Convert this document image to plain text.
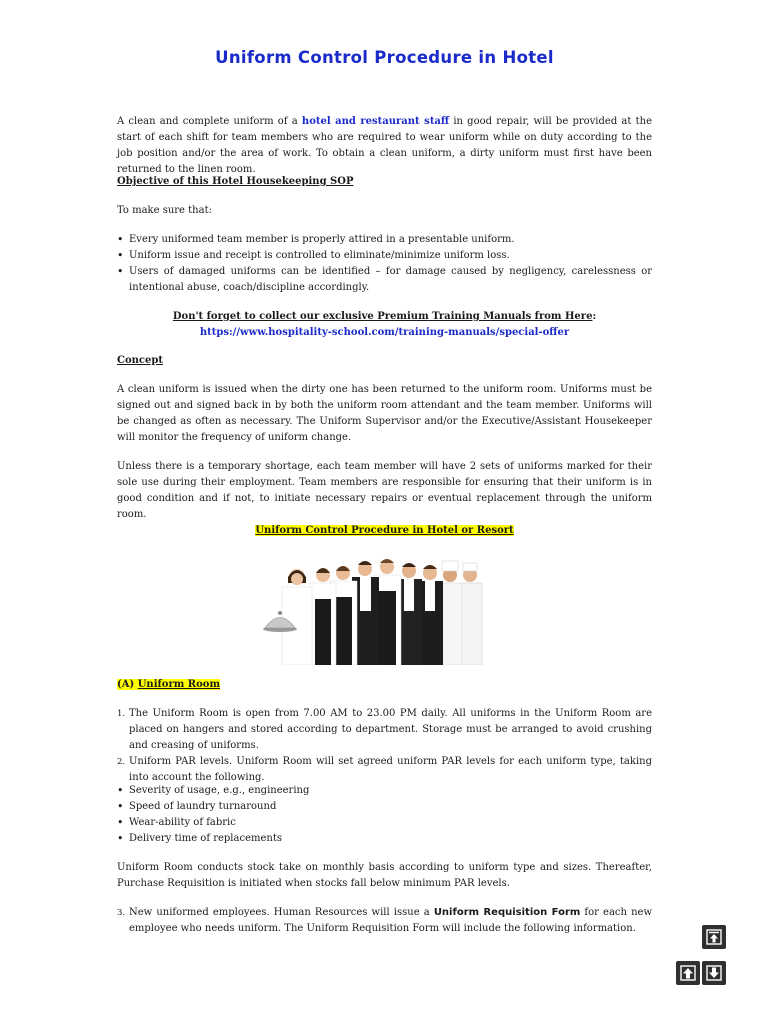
Uniform Control Procedure in Hotel

A clean and complete uniform of a hotel and restaurant staff in good repair, will be provided at the start of each shift for team members who are required to wear uniform while on duty according to the job position and/or the area of work. To obtain a clean uniform, a dirty uniform must first have been returned to the linen room.

Objective of this Hotel Housekeeping SOP

To make sure that:

• Every uniformed team member is properly attired in a presentable uniform.
• Uniform issue and receipt is controlled to eliminate/minimize uniform loss.
• Users of damaged uniforms can be identified – for damage caused by negligency, carelessness or intentional abuse, coach/discipline accordingly.

Don't forget to collect our exclusive Premium Training Manuals from Here: https://www.hospitality-school.com/training-manuals/special-offer

Concept

A clean uniform is issued when the dirty one has been returned to the uniform room. Uniforms must be signed out and signed back in by both the uniform room attendant and the team member. Uniforms will be changed as often as necessary. The Uniform Supervisor and/or the Executive/Assistant Housekeeper will monitor the frequency of uniform change.

Unless there is a temporary shortage, each team member will have 2 sets of uniforms marked for their sole use during their employment. Team members are responsible for ensuring that their uniform is in good condition and if not, to initiate necessary repairs or eventual replacement through the uniform room.

Uniform Control Procedure in Hotel or Resort

(A) Uniform Room

1. The Uniform Room is open from 7.00 AM to 23.00 PM daily. All uniforms in the Uniform Room are placed on hangers and stored according to department. Storage must be arranged to avoid crushing and creasing of uniforms.
2. Uniform PAR levels. Uniform Room will set agreed uniform PAR levels for each uniform type, taking into account the following.
• Severity of usage, e.g., engineering
• Speed of laundry turnaround
• Wear-ability of fabric
• Delivery time of replacements

Uniform Room conducts stock take on monthly basis according to uniform type and sizes. Thereafter, Purchase Requisition is initiated when stocks fall below minimum PAR levels.

3. New uniformed employees. Human Resources will issue a Uniform Requisition Form for each new employee who needs uniform. The Uniform Requisition Form will include the following information.
